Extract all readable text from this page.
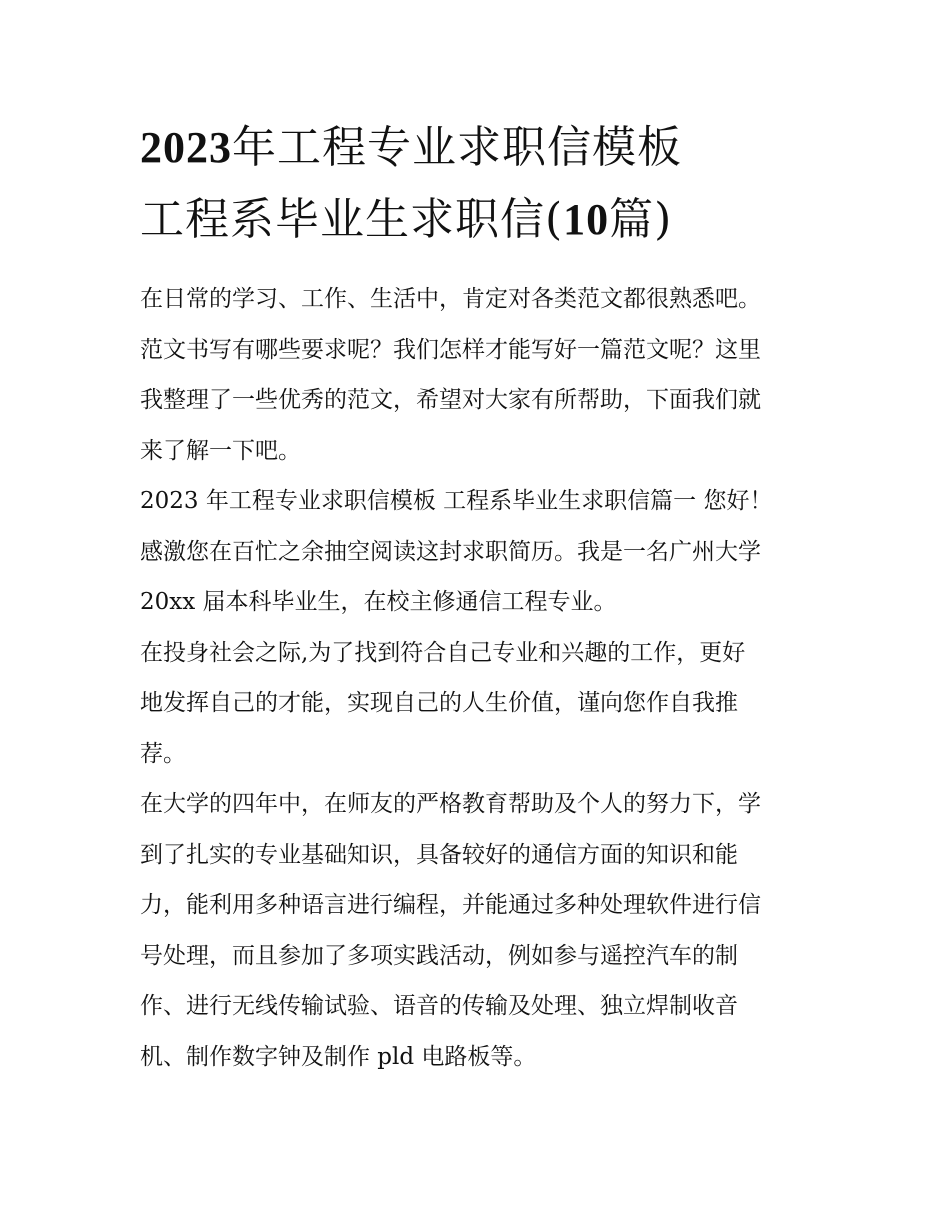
2023年工程专业求职信模板
工程系毕业生求职信(10篇)

在日常的学习、工作、生活中，肯定对各类范文都很熟悉吧。
范文书写有哪些要求呢？我们怎样才能写好一篇范文呢？这里
我整理了一些优秀的范文，希望对大家有所帮助，下面我们就
来了解一下吧。

2023 年工程专业求职信模板 工程系毕业生求职信篇一 您好！
感激您在百忙之余抽空阅读这封求职简历。我是一名广州大学
20xx 届本科毕业生，在校主修通信工程专业。

在投身社会之际,为了找到符合自己专业和兴趣的工作，更好
地发挥自己的才能，实现自己的人生价值，谨向您作自我推
荐。

在大学的四年中，在师友的严格教育帮助及个人的努力下，学
到了扎实的专业基础知识，具备较好的通信方面的知识和能
力，能利用多种语言进行编程，并能通过多种处理软件进行信
号处理，而且参加了多项实践活动，例如参与遥控汽车的制
作、进行无线传输试验、语音的传输及处理、独立焊制收音
机、制作数字钟及制作 pld 电路板等。
